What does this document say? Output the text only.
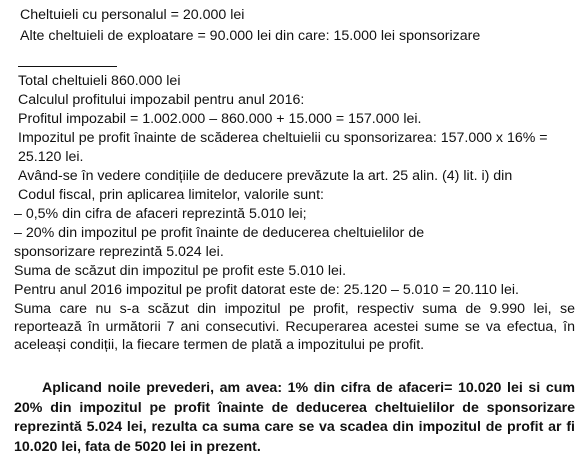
Cheltuieli cu personalul = 20.000 lei
Alte cheltuieli de exploatare = 90.000 lei din care: 15.000 lei sponsorizare
Total cheltuieli 860.000 lei
Calculul profitului impozabil pentru anul 2016:
Profitul impozabil = 1.002.000 – 860.000 + 15.000 = 157.000 lei.
Impozitul pe profit înainte de scăderea cheltuielii cu sponsorizarea: 157.000 x 16% =
25.120 lei.
Având-se în vedere condițiile de deducere prevăzute la art. 25 alin. (4) lit. i) din
Codul fiscal, prin aplicarea limitelor, valorile sunt:
– 0,5% din cifra de afaceri reprezintă 5.010 lei;
– 20% din impozitul pe profit înainte de deducerea cheltuielilor de
sponsorizare reprezintă 5.024 lei.
Suma de scăzut din impozitul pe profit este 5.010 lei.
Pentru anul 2016 impozitul pe profit datorat este de: 25.120 – 5.010 = 20.110 lei.
Suma care nu s-a scăzut din impozitul pe profit, respectiv suma de 9.990 lei, se reportează în următorii 7 ani consecutivi. Recuperarea acestei sume se va efectua, în aceleași condiții, la fiecare termen de plată a impozitului pe profit.
Aplicand noile prevederi, am avea: 1% din cifra de afaceri= 10.020 lei si cum 20% din impozitul pe profit înainte de deducerea cheltuielilor de sponsorizare reprezintă 5.024 lei, rezulta ca suma care se va scadea din impozitul de profit ar fi 10.020 lei, fata de 5020 lei in prezent.
